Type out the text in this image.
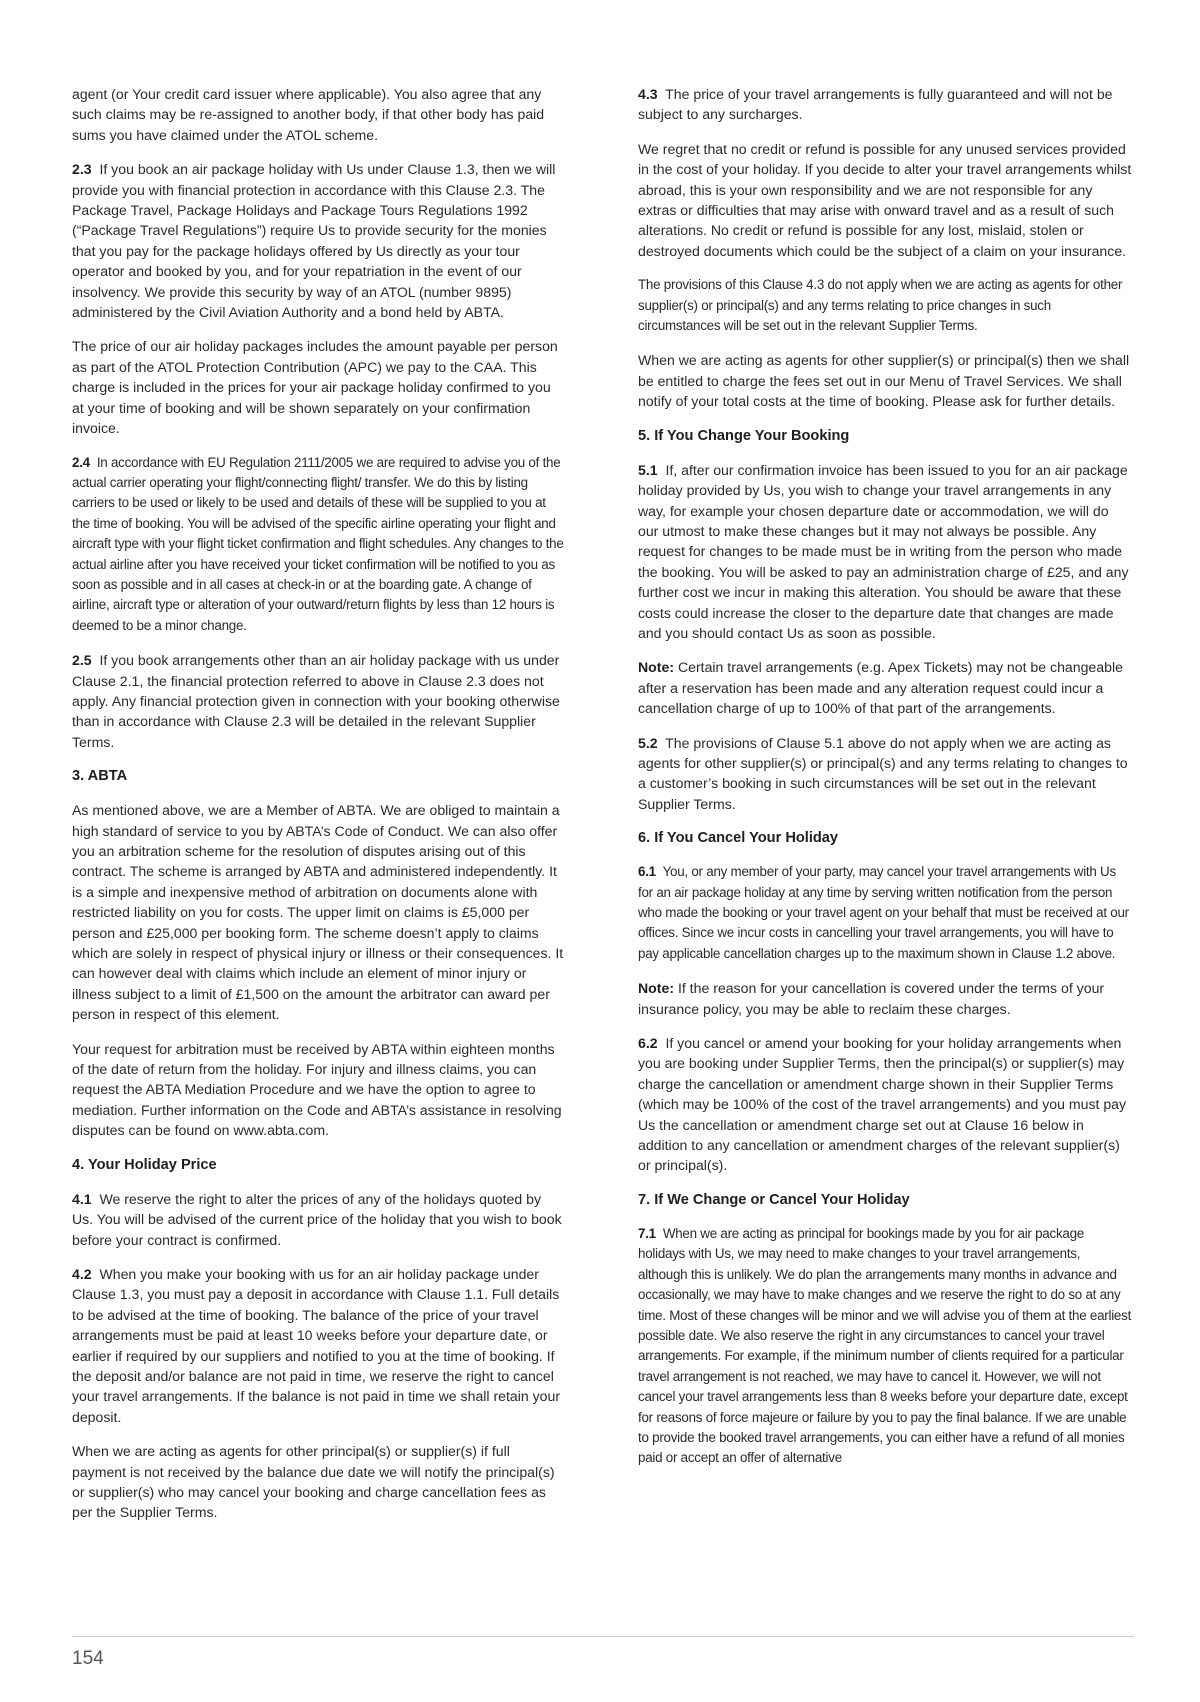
agent (or Your credit card issuer where applicable). You also agree that any such claims may be re-assigned to another body, if that other body has paid sums you have claimed under the ATOL scheme.

2.3 If you book an air package holiday with Us under Clause 1.3, then we will provide you with financial protection in accordance with this Clause 2.3. The Package Travel, Package Holidays and Package Tours Regulations 1992 (“Package Travel Regulations”) require Us to provide security for the monies that you pay for the package holidays offered by Us directly as your tour operator and booked by you, and for your repatriation in the event of our insolvency. We provide this security by way of an ATOL (number 9895) administered by the Civil Aviation Authority and a bond held by ABTA.

The price of our air holiday packages includes the amount payable per person as part of the ATOL Protection Contribution (APC) we pay to the CAA. This charge is included in the prices for your air package holiday confirmed to you at your time of booking and will be shown separately on your confirmation invoice.

2.4 In accordance with EU Regulation 2111/2005 we are required to advise you of the actual carrier operating your flight/connecting flight/ transfer. We do this by listing carriers to be used or likely to be used and details of these will be supplied to you at the time of booking. You will be advised of the specific airline operating your flight and aircraft type with your flight ticket confirmation and flight schedules. Any changes to the actual airline after you have received your ticket confirmation will be notified to you as soon as possible and in all cases at check-in or at the boarding gate. A change of airline, aircraft type or alteration of your outward/return flights by less than 12 hours is deemed to be a minor change.

2.5 If you book arrangements other than an air holiday package with us under Clause 2.1, the financial protection referred to above in Clause 2.3 does not apply. Any financial protection given in connection with your booking otherwise than in accordance with Clause 2.3 will be detailed in the relevant Supplier Terms.

3. ABTA

As mentioned above, we are a Member of ABTA. We are obliged to maintain a high standard of service to you by ABTA’s Code of Conduct. We can also offer you an arbitration scheme for the resolution of disputes arising out of this contract. The scheme is arranged by ABTA and administered independently. It is a simple and inexpensive method of arbitration on documents alone with restricted liability on you for costs. The upper limit on claims is £5,000 per person and £25,000 per booking form. The scheme doesn’t apply to claims which are solely in respect of physical injury or illness or their consequences. It can however deal with claims which include an element of minor injury or illness subject to a limit of £1,500 on the amount the arbitrator can award per person in respect of this element.

Your request for arbitration must be received by ABTA within eighteen months of the date of return from the holiday. For injury and illness claims, you can request the ABTA Mediation Procedure and we have the option to agree to mediation. Further information on the Code and ABTA’s assistance in resolving disputes can be found on www.abta.com.

4. Your Holiday Price

4.1 We reserve the right to alter the prices of any of the holidays quoted by Us. You will be advised of the current price of the holiday that you wish to book before your contract is confirmed.

4.2 When you make your booking with us for an air holiday package under Clause 1.3, you must pay a deposit in accordance with Clause 1.1. Full details to be advised at the time of booking. The balance of the price of your travel arrangements must be paid at least 10 weeks before your departure date, or earlier if required by our suppliers and notified to you at the time of booking. If the deposit and/or balance are not paid in time, we reserve the right to cancel your travel arrangements. If the balance is not paid in time we shall retain your deposit.

When we are acting as agents for other principal(s) or supplier(s) if full payment is not received by the balance due date we will notify the principal(s) or supplier(s) who may cancel your booking and charge cancellation fees as per the Supplier Terms.

4.3 The price of your travel arrangements is fully guaranteed and will not be subject to any surcharges.

We regret that no credit or refund is possible for any unused services provided in the cost of your holiday. If you decide to alter your travel arrangements whilst abroad, this is your own responsibility and we are not responsible for any extras or difficulties that may arise with onward travel and as a result of such alterations. No credit or refund is possible for any lost, mislaid, stolen or destroyed documents which could be the subject of a claim on your insurance.

The provisions of this Clause 4.3 do not apply when we are acting as agents for other supplier(s) or principal(s) and any terms relating to price changes in such circumstances will be set out in the relevant Supplier Terms.

When we are acting as agents for other supplier(s) or principal(s) then we shall be entitled to charge the fees set out in our Menu of Travel Services. We shall notify of your total costs at the time of booking. Please ask for further details.

5. If You Change Your Booking

5.1 If, after our confirmation invoice has been issued to you for an air package holiday provided by Us, you wish to change your travel arrangements in any way, for example your chosen departure date or accommodation, we will do our utmost to make these changes but it may not always be possible. Any request for changes to be made must be in writing from the person who made the booking. You will be asked to pay an administration charge of £25, and any further cost we incur in making this alteration. You should be aware that these costs could increase the closer to the departure date that changes are made and you should contact Us as soon as possible.

Note: Certain travel arrangements (e.g. Apex Tickets) may not be changeable after a reservation has been made and any alteration request could incur a cancellation charge of up to 100% of that part of the arrangements.

5.2 The provisions of Clause 5.1 above do not apply when we are acting as agents for other supplier(s) or principal(s) and any terms relating to changes to a customer’s booking in such circumstances will be set out in the relevant Supplier Terms.

6. If You Cancel Your Holiday

6.1 You, or any member of your party, may cancel your travel arrangements with Us for an air package holiday at any time by serving written notification from the person who made the booking or your travel agent on your behalf that must be received at our offices. Since we incur costs in cancelling your travel arrangements, you will have to pay applicable cancellation charges up to the maximum shown in Clause 1.2 above.

Note: If the reason for your cancellation is covered under the terms of your insurance policy, you may be able to reclaim these charges.

6.2 If you cancel or amend your booking for your holiday arrangements when you are booking under Supplier Terms, then the principal(s) or supplier(s) may charge the cancellation or amendment charge shown in their Supplier Terms (which may be 100% of the cost of the travel arrangements) and you must pay Us the cancellation or amendment charge set out at Clause 16 below in addition to any cancellation or amendment charges of the relevant supplier(s) or principal(s).

7. If We Change or Cancel Your Holiday

7.1 When we are acting as principal for bookings made by you for air package holidays with Us, we may need to make changes to your travel arrangements, although this is unlikely. We do plan the arrangements many months in advance and occasionally, we may have to make changes and we reserve the right to do so at any time. Most of these changes will be minor and we will advise you of them at the earliest possible date. We also reserve the right in any circumstances to cancel your travel arrangements. For example, if the minimum number of clients required for a particular travel arrangement is not reached, we may have to cancel it. However, we will not cancel your travel arrangements less than 8 weeks before your departure date, except for reasons of force majeure or failure by you to pay the final balance. If we are unable to provide the booked travel arrangements, you can either have a refund of all monies paid or accept an offer of alternative

154
